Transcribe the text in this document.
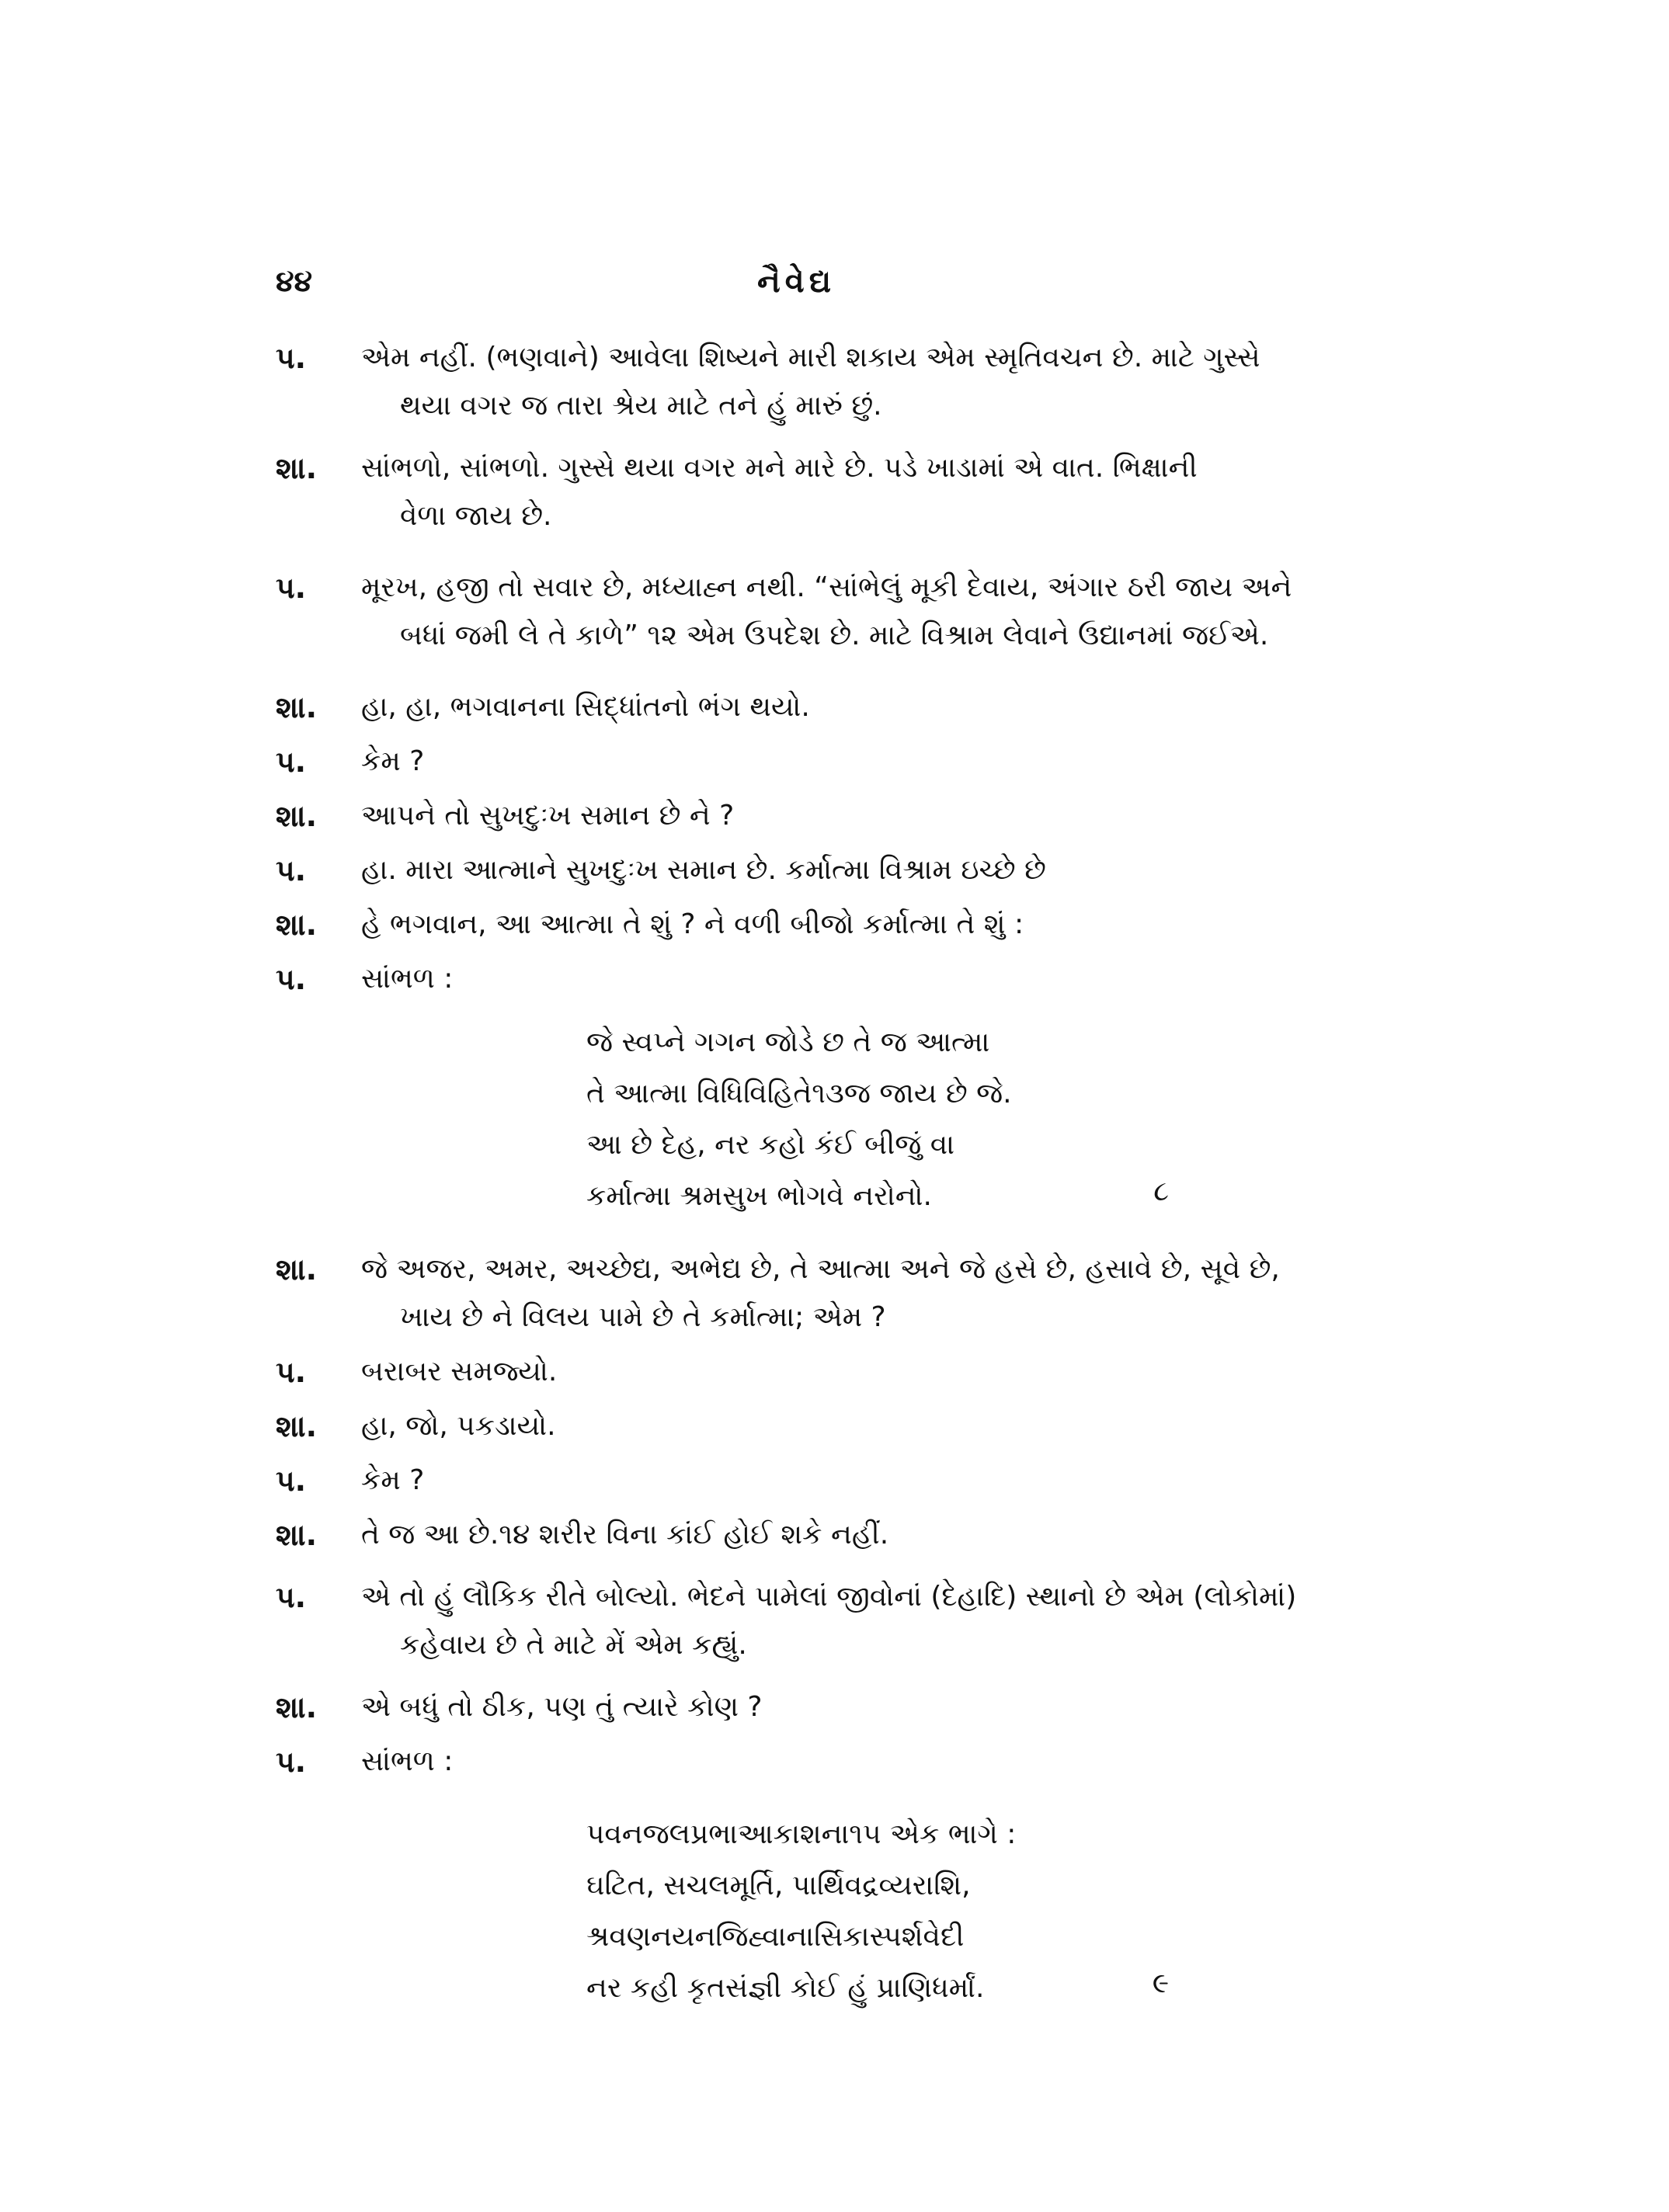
૪૪	નૈવેદ્ય
પ.	એમ નહીં. (ભણવાને) આવેલા શિષ્યને મારી શકાય એમ સ્મૃતિવચન છે. માટે ગુસ્સે
થયા વગર જ તારા શ્રેય માટે તને હું મારું છું.
શા.	સાંભળો, સાંભળો. ગુસ્સે થયા વગર મને મારે છે. પડે ખાડામાં એ વાત. ભિક્ષાની
વેળા જાય છે.
પ.	મૂરખ, હજી તો સવાર છે, મધ્યાહ્ન નથી. “સાંભેલું મૂકી દેવાય, અંગાર ઠરી જાય અને
બધાં જમી લે તે કાળે” ૧૨ એમ ઉપદેશ છે. માટે વિશ્રામ લેવાને ઉદ્યાનમાં જઈએ.
શા.	હા, હા, ભગવાનના સિદ્ધાંતનો ભંગ થયો.
પ.	કેમ ?
શા.	આપને તો સુખદુઃખ સમાન છે ને ?
પ.	હા. મારા આત્માને સુખદુઃખ સમાન છે. કર્માત્મા વિશ્રામ ઇચ્છે છે
શા.	હે ભગવાન, આ આત્મા તે શું ? ને વળી બીજો કર્માત્મા તે શું :
પ.	સાંભળ :
જે સ્વપ્ને ગગન જોડે છ તે જ આત્મા
તે આત્મા વિધિવિહિતે૧૩જ જાય છે જે.
આ છે દેહ, નર કહો કંઈ બીજું વા
કર્માત્મા શ્રમસુખ ભોગવે નરોનો.	૮
શા.	જે અજર, અમર, અચ્છેદ્ય, અભેદ્ય છે, તે આત્મા અને જે હસે છે, હસાવે છે, સૂવે છે,
ખાય છે ને વિલય પામે છે તે કર્માત્મા; એમ ?
પ.	બરાબર સમજ્યો.
શા.	હા, જો, પકડાયો.
પ.	કેમ ?
શા.	તે જ આ છે.૧૪ શરીર વિના કાંઈ હોઈ શકે નહીં.
પ.	એ તો હું લૌકિક રીતે બોલ્યો. ભેદને પામેલાં જીવોનાં (દેહાદિ) સ્થાનો છે એમ (લોકોમાં)
કહેવાય છે તે માટે મેં એમ કહ્યું.
શા.	એ બધું તો ઠીક, પણ તું ત્યારે કોણ ?
પ.	સાંભળ :
પવનજલપ્રભાઆકાશના૧૫ એક ભાગે :
ઘટિત, સચલમૂર્તિ, પાર્થિવદ્રવ્યરાશિ,
શ્રવણનયનજિહ્વાનાસિકાસ્પર્શવેદી
નર કહી કૃતસંજ્ઞી કોઈ હું પ્રાણિધર્માં.	૯
